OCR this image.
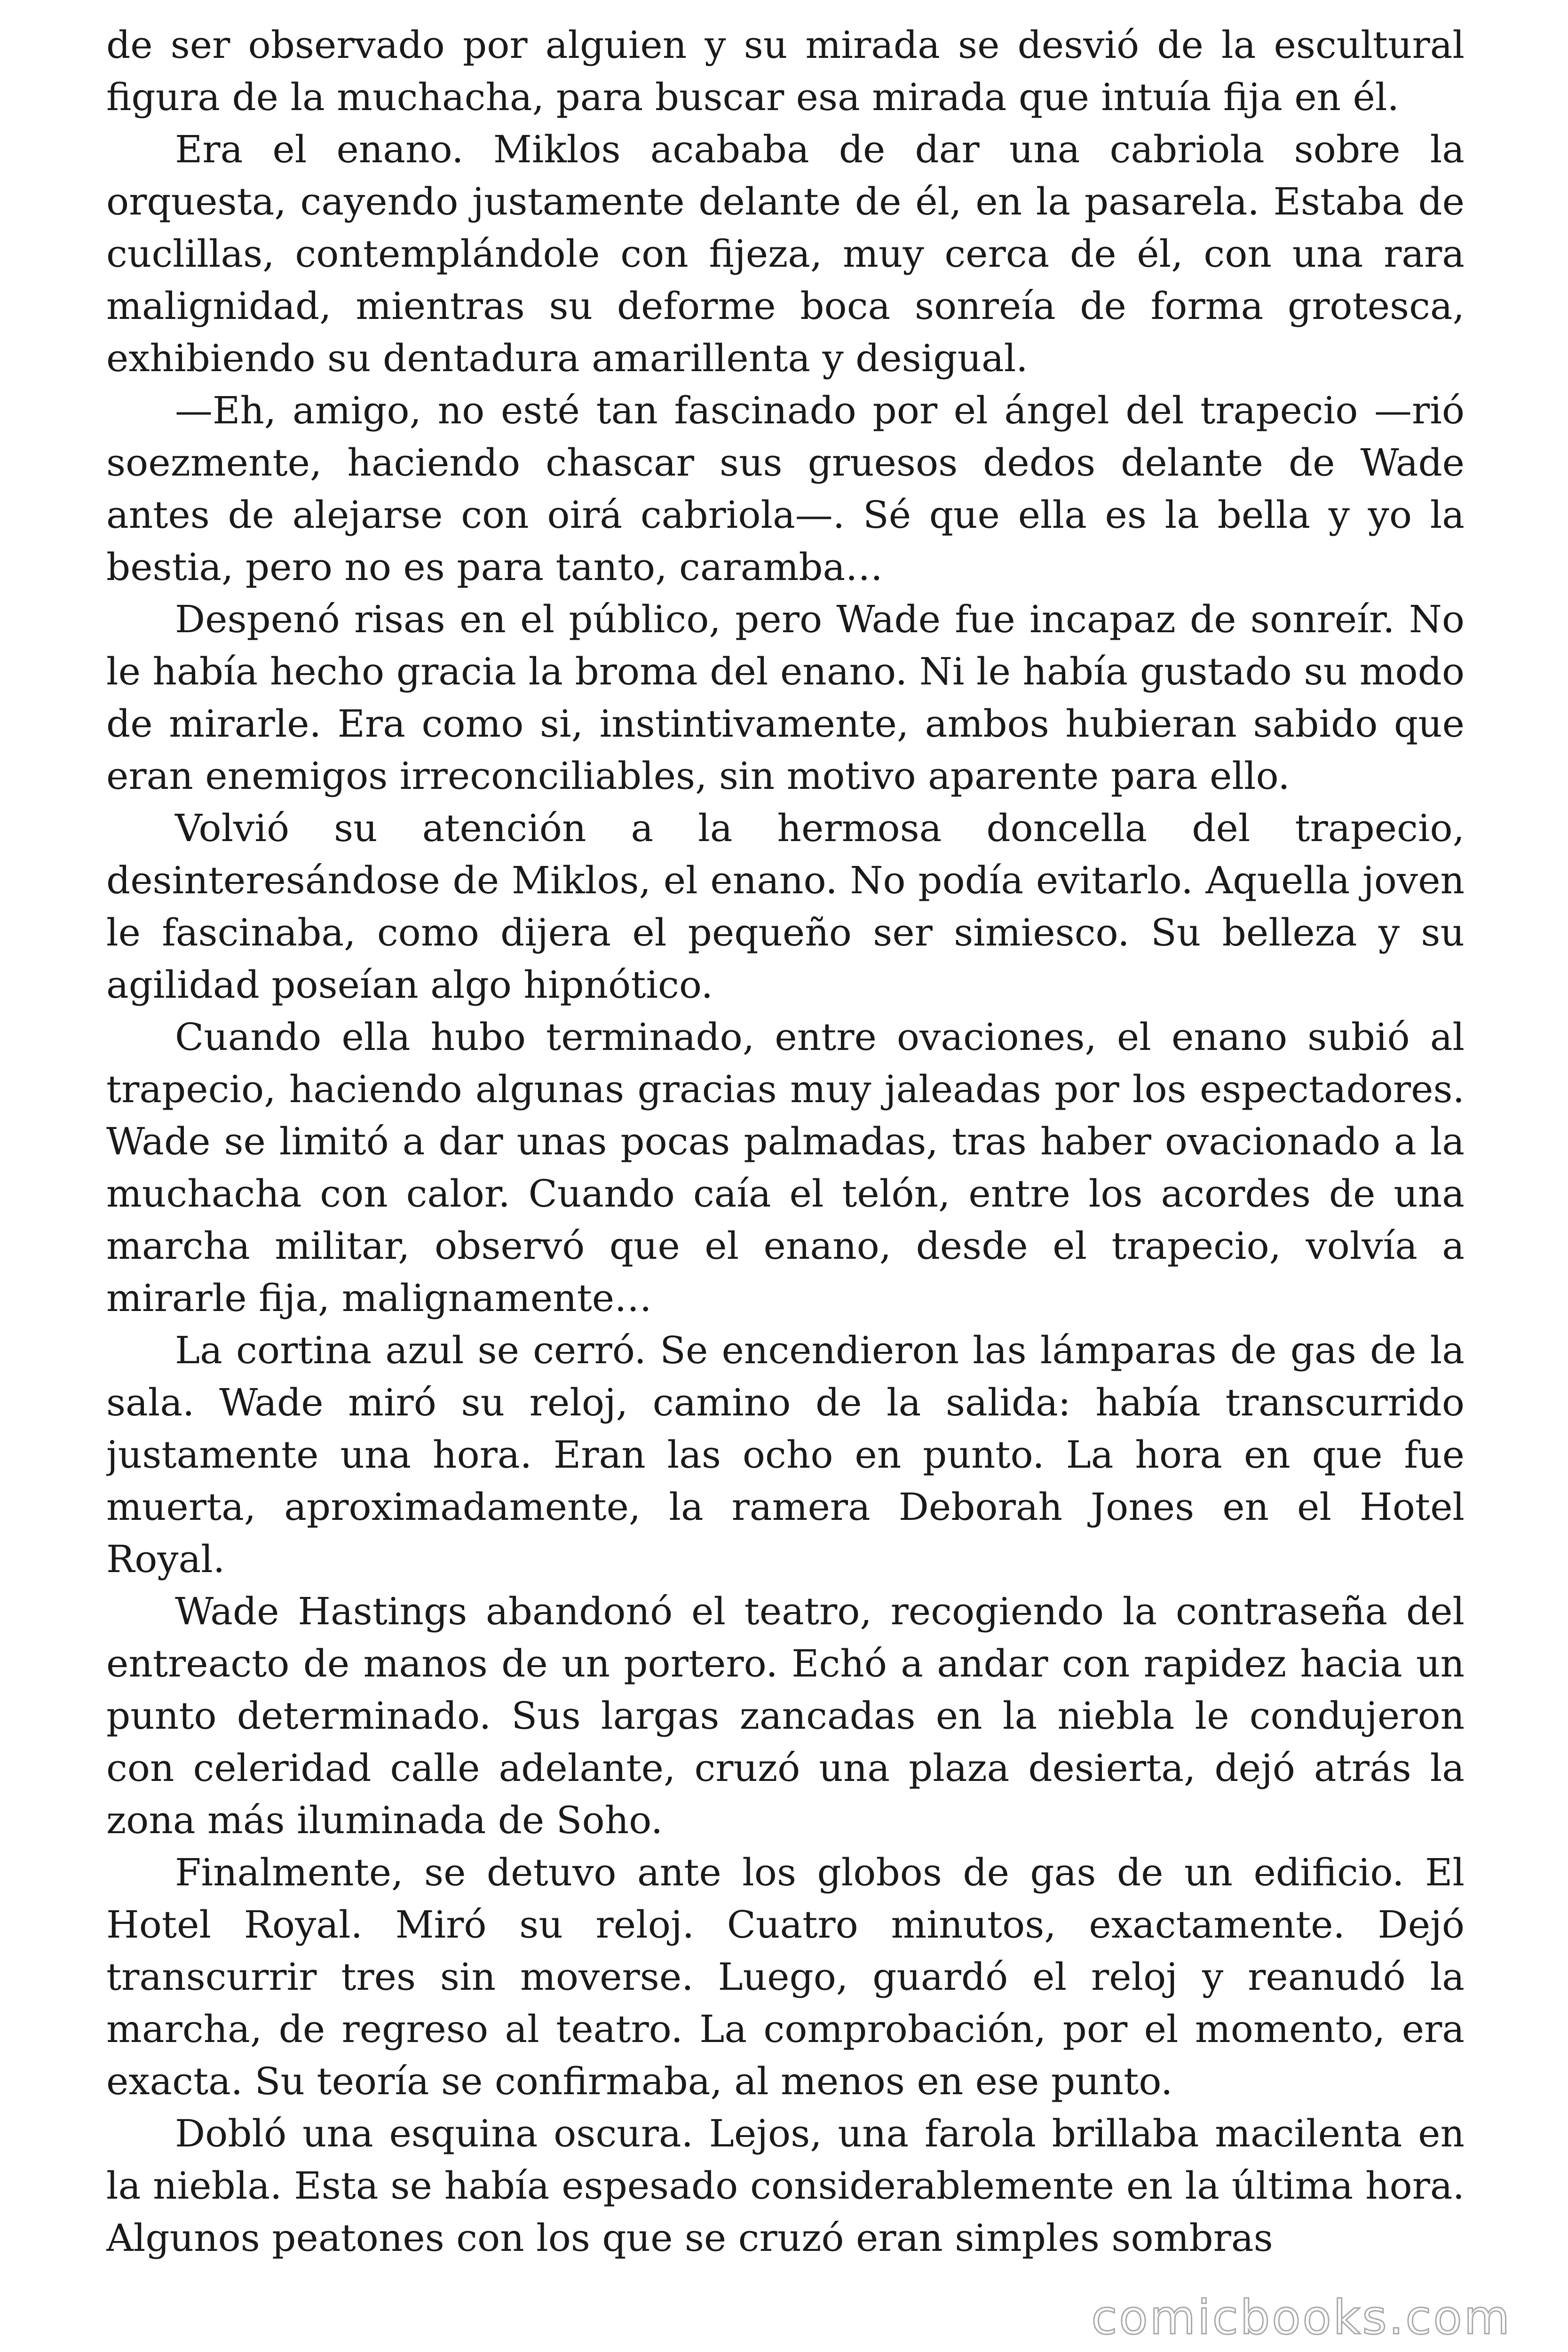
de ser observado por alguien y su mirada se desvió de la escultural figura de la muchacha, para buscar esa mirada que intuía fija en él.

Era el enano. Miklos acababa de dar una cabriola sobre la orquesta, cayendo justamente delante de él, en la pasarela. Estaba de cuclillas, contemplándole con fijeza, muy cerca de él, con una rara malignidad, mientras su deforme boca sonreía de forma grotesca, exhibiendo su dentadura amarillenta y desigual.

—Eh, amigo, no esté tan fascinado por el ángel del trapecio —rió soezmente, haciendo chascar sus gruesos dedos delante de Wade antes de alejarse con oirá cabriola—. Sé que ella es la bella y yo la bestia, pero no es para tanto, caramba…

Despenó risas en el público, pero Wade fue incapaz de sonreír. No le había hecho gracia la broma del enano. Ni le había gustado su modo de mirarle. Era como si, instintivamente, ambos hubieran sabido que eran enemigos irreconciliables, sin motivo aparente para ello.

Volvió su atención a la hermosa doncella del trapecio, desinteresándose de Miklos, el enano. No podía evitarlo. Aquella joven le fascinaba, como dijera el pequeño ser simiesco. Su belleza y su agilidad poseían algo hipnótico.

Cuando ella hubo terminado, entre ovaciones, el enano subió al trapecio, haciendo algunas gracias muy jaleadas por los espectadores. Wade se limitó a dar unas pocas palmadas, tras haber ovacionado a la muchacha con calor. Cuando caía el telón, entre los acordes de una marcha militar, observó que el enano, desde el trapecio, volvía a mirarle fija, malignamente…

La cortina azul se cerró. Se encendieron las lámparas de gas de la sala. Wade miró su reloj, camino de la salida: había transcurrido justamente una hora. Eran las ocho en punto. La hora en que fue muerta, aproximadamente, la ramera Deborah Jones en el Hotel Royal.

Wade Hastings abandonó el teatro, recogiendo la contraseña del entreacto de manos de un portero. Echó a andar con rapidez hacia un punto determinado. Sus largas zancadas en la niebla le condujeron con celeridad calle adelante, cruzó una plaza desierta, dejó atrás la zona más iluminada de Soho.

Finalmente, se detuvo ante los globos de gas de un edificio. El Hotel Royal. Miró su reloj. Cuatro minutos, exactamente. Dejó transcurrir tres sin moverse. Luego, guardó el reloj y reanudó la marcha, de regreso al teatro. La comprobación, por el momento, era exacta. Su teoría se confirmaba, al menos en ese punto.

Dobló una esquina oscura. Lejos, una farola brillaba macilenta en la niebla. Esta se había espesado considerablemente en la última hora. Algunos peatones con los que se cruzó eran simples sombras

comicbooks.com
